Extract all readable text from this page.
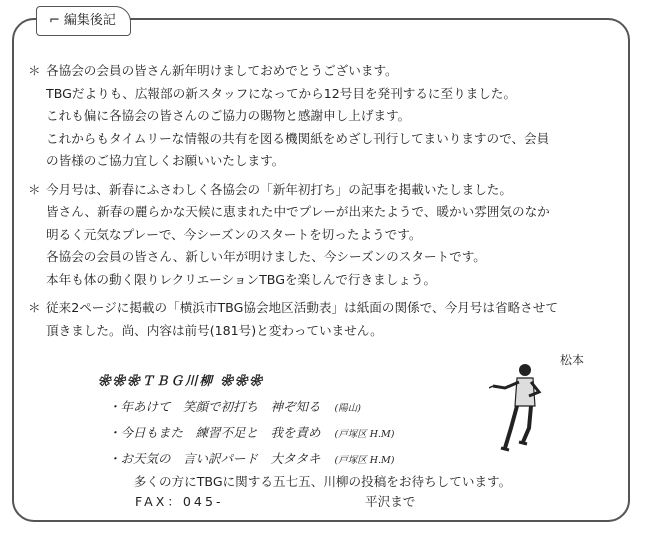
⌐ 編集後記
＊ 各協会の会員の皆さん新年明けましておめでとうございます。
TBGだよりも、広報部の新スタッフになってから12号目を発刊するに至りました。
これも偏に各協会の皆さんのご協力の賜物と感謝申し上げます。
これからもタイムリーな情報の共有を図る機関紙をめざし刊行してまいりますので、会員
の皆様のご協力宜しくお願いいたします。
＊ 今月号は、新春にふさわしく各協会の「新年初打ち」の記事を掲載いたしました。
皆さん、新春の麗らかな天候に恵まれた中でプレーが出来たようで、暖かい雰囲気のなか
明るく元気なプレーで、今シーズンのスタートを切ったようです。
各協会の会員の皆さん、新しい年が明けました、今シーズンのスタートです。
本年も体の動く限りレクリエーションTBGを楽しんで行きましょう。
＊ 従来2ページに掲載の「横浜市TBG協会地区活動表」は紙面の関係で、今月号は省略させて
頂きました。尚、内容は前号(181号)と変わっていません。
松本
❀❀❀ＴＢＧ川柳 ❀❀❀
・年あけて　笑顔で初打ち　神ぞ知る (陽山)
・今日もまた　練習不足と　我を責め (戸塚区 H.M)
・お天気の　言い訳パード　大タタキ (戸塚区 H.M)
多くの方にTBGに関する五七五、川柳の投稿をお待ちしています。
FAX：045-	平沢まで
